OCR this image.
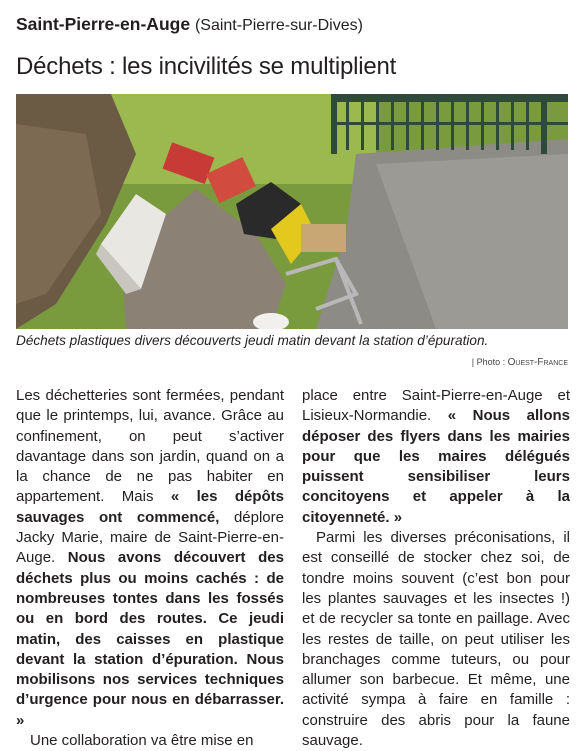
Saint-Pierre-en-Auge (Saint-Pierre-sur-Dives)
Déchets : les incivilités se multiplient
Déchets plastiques divers découverts jeudi matin devant la station d’épuration.
| Photo : Ouest-France

Les déchetteries sont fermées, pendant que le printemps, lui, avance. Grâce au confinement, on peut s’activer davantage dans son jardin, quand on a la chance de ne pas habiter en appartement. Mais « les dépôts sauvages ont commencé, déplore Jacky Marie, maire de Saint-Pierre-en-Auge. Nous avons découvert des déchets plus ou moins cachés : de nombreuses tontes dans les fossés ou en bord des routes. Ce jeudi matin, des caisses en plastique devant la station d’épuration. Nous mobilisons nos services techniques d’urgence pour nous en débarrasser. »

Une collaboration va être mise en

place entre Saint-Pierre-en-Auge et Lisieux-Normandie. « Nous allons déposer des flyers dans les mairies pour que les maires délégués puissent sensibiliser leurs concitoyens et appeler à la citoyenneté. »

Parmi les diverses préconisations, il est conseillé de stocker chez soi, de tondre moins souvent (c’est bon pour les plantes sauvages et les insectes !) et de recycler sa tonte en paillage. Avec les restes de taille, on peut utiliser les branchages comme tuteurs, ou pour allumer son barbecue. Et même, une activité sympa à faire en famille : construire des abris pour la faune sauvage.
